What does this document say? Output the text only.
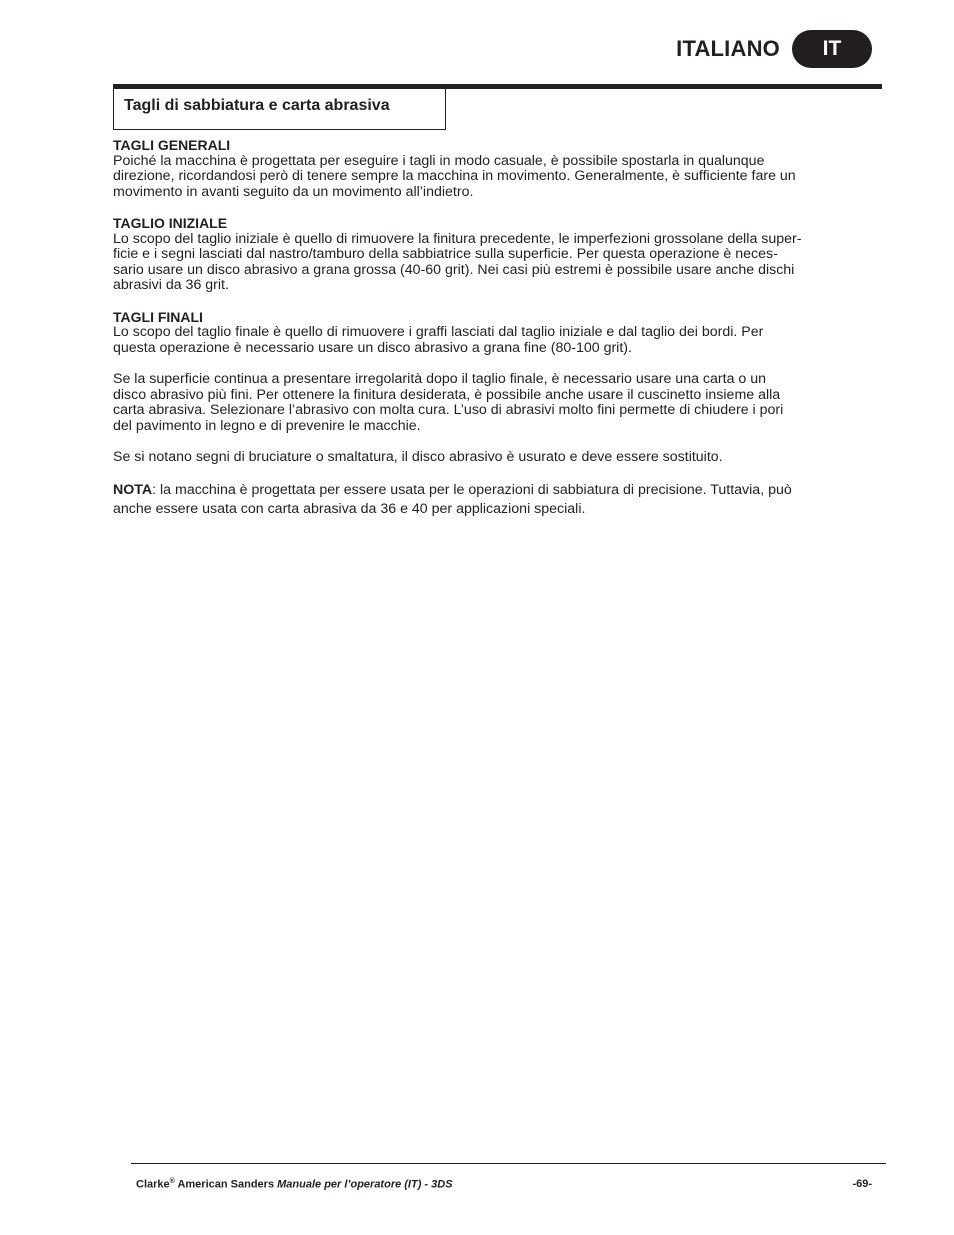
ITALIANO	IT
Tagli di sabbiatura e carta abrasiva
TAGLI GENERALI
Poiché la macchina è progettata per eseguire i tagli in modo casuale, è possibile spostarla in qualunque
direzione, ricordandosi però di tenere sempre la macchina in movimento. Generalmente, è sufficiente fare un
movimento in avanti seguito da un movimento all’indietro.
TAGLIO INIZIALE
Lo scopo del taglio iniziale è quello di rimuovere la finitura precedente, le imperfezioni grossolane della super-
ficie e i segni lasciati dal nastro/tamburo della sabbiatrice sulla superficie. Per questa operazione è neces-
sario usare un disco abrasivo a grana grossa (40-60 grit). Nei casi più estremi è possibile usare anche dischi
abrasivi da 36 grit.
TAGLI FINALI
Lo scopo del taglio finale è quello di rimuovere i graffi lasciati dal taglio iniziale e dal taglio dei bordi. Per
questa operazione è necessario usare un disco abrasivo a grana fine (80-100 grit).
Se la superficie continua a presentare irregolarità dopo il taglio finale, è necessario usare una carta o un
disco abrasivo più fini. Per ottenere la finitura desiderata, è possibile anche usare il cuscinetto insieme alla
carta abrasiva. Selezionare l’abrasivo con molta cura. L’uso di abrasivi molto fini permette di chiudere i pori
del pavimento in legno e di prevenire le macchie.
Se si notano segni di bruciature o smaltatura, il disco abrasivo è usurato e deve essere sostituito.
NOTA: la macchina è progettata per essere usata per le operazioni di sabbiatura di precisione. Tuttavia, può
anche essere usata con carta abrasiva da 36 e 40 per applicazioni speciali.
Clarke® American Sanders Manuale per l’operatore (IT) - 3DS	-69-
